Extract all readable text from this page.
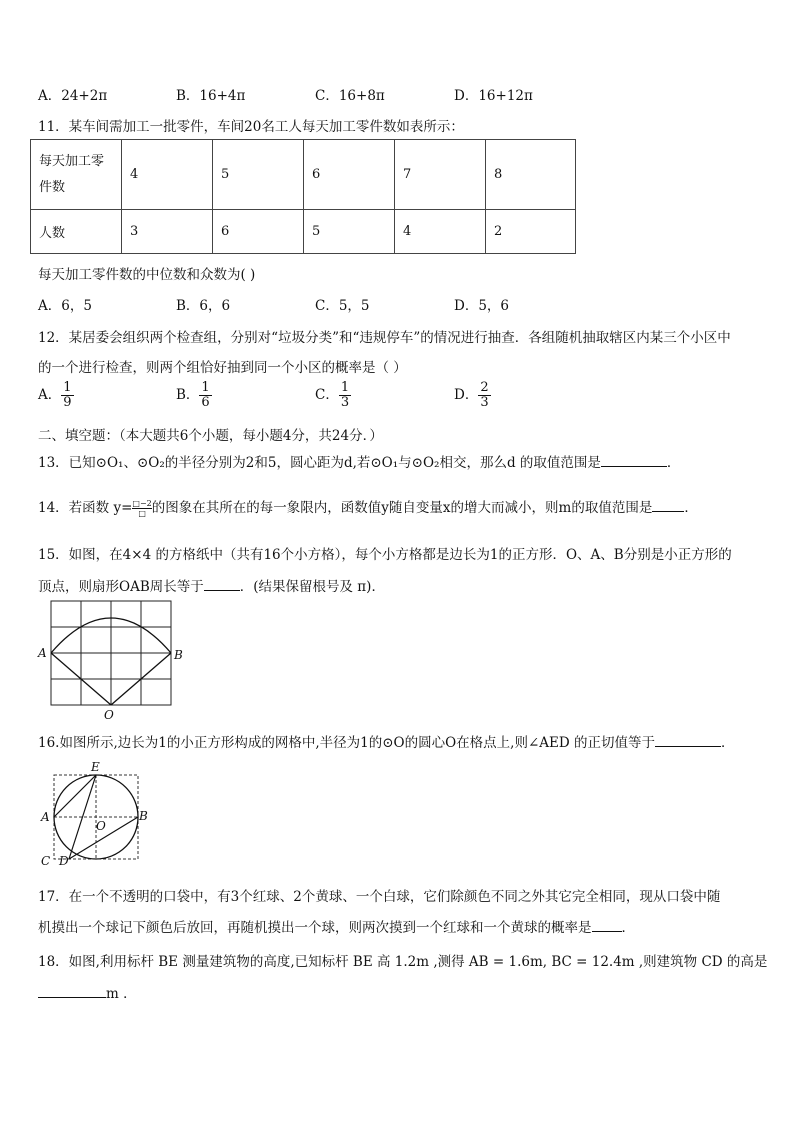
A．24+2π	B．16+4π	C．16+8π	D．16+12π
11．某车间需加工一批零件，车间20名工人每天加工零件数如表所示：
每天加工零
件数	4	5	6	7	8
人数	3	6	5	4	2
每天加工零件数的中位数和众数为( )
A．6，5	B．6，6	C．5，5	D．5，6
12．某居委会组织两个检查组，分别对“垃圾分类”和“违规停车”的情况进行抽查．各组随机抽取辖区内某三个小区中
的一个进行检查，则两个组恰好抽到同一个小区的概率是（ ）
A． $\frac{1}{9}$	B． $\frac{1}{6}$	C． $\frac{1}{3}$	D． $\frac{2}{3}$
二、填空题：（本大题共6个小题，每小题4分，共24分．）
13．已知⊙O₁、⊙O₂的半径分别为2和5，圆心距为d,若⊙O₁与⊙O₂相交，那么d 的取值范围是	．
14．若函数 $y= \frac{□-2}{□}$ 的图象在其所在的每一象限内，函数值y随自变量x的增大而减小，则m的取值范围是 ．
15．如图，在4×4 的方格纸中（共有16个小方格），每个小方格都是边长为1的正方形．O、A、B分别是小正方形的
顶点，则扇形OAB周长等于	．(结果保留根号及 π)．
A	B
O
16.如图所示,边长为1的小正方形构成的网格中,半径为1的⊙O的圆心O在格点上,则∠AED 的正切值等于	．
E
A
O
B
C D
17．在一个不透明的口袋中，有3个红球、2个黄球、一个白球，它们除颜色不同之外其它完全相同，现从口袋中随
机摸出一个球记下颜色后放回，再随机摸出一个球，则两次摸到一个红球和一个黄球的概率是 ．
18．如图,利用标杆 BE 测量建筑物的高度,已知标杆 BE 高 1.2m ,测得 AB = 1.6m, BC = 12.4m ,则建筑物 CD 的高是
m ．
